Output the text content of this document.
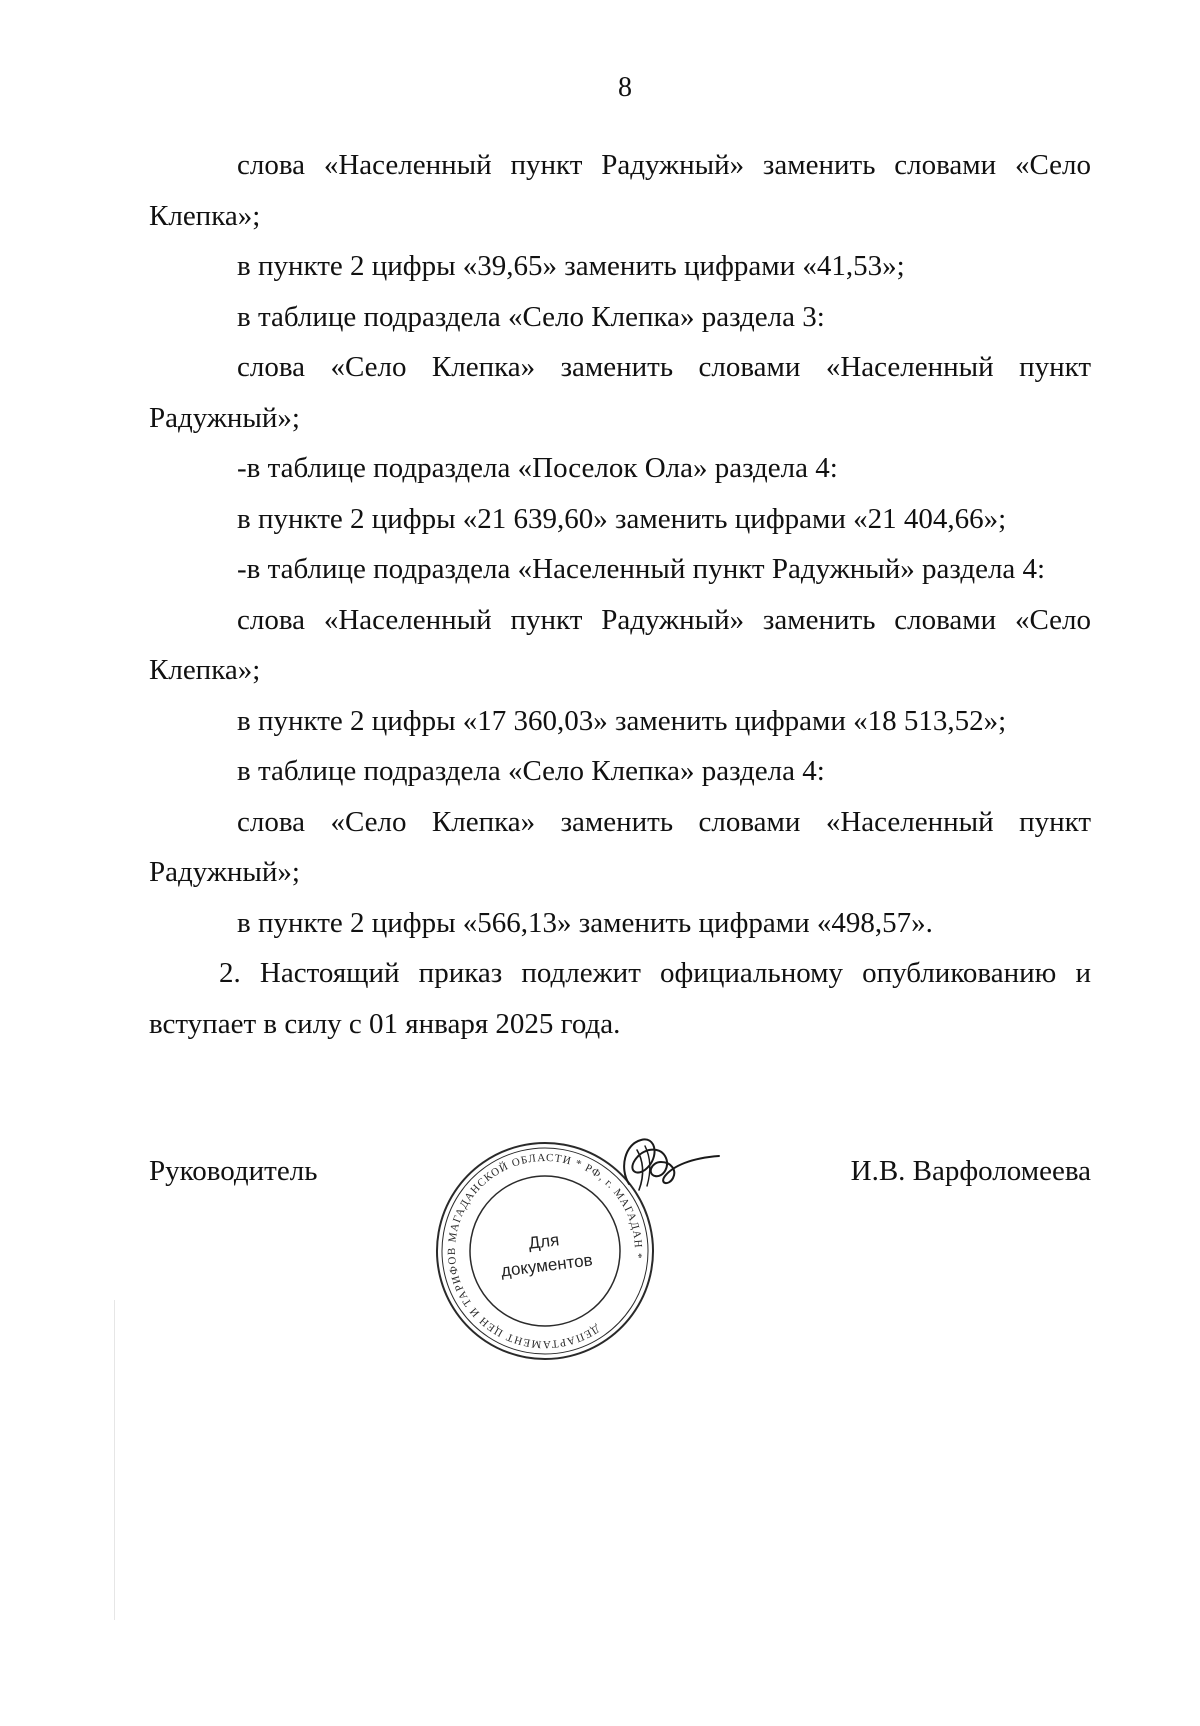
8

слова «Населенный пункт Радужный» заменить словами «Село Клепка»;

в пункте 2 цифры «39,65» заменить цифрами «41,53»;

в таблице подраздела «Село Клепка» раздела 3:

слова «Село Клепка» заменить словами «Населенный пункт Радужный»;

-в таблице подраздела «Поселок Ола» раздела 4:

в пункте 2 цифры «21 639,60» заменить цифрами «21 404,66»;

-в таблице подраздела «Населенный пункт Радужный» раздела 4:

слова «Населенный пункт Радужный» заменить словами «Село Клепка»;

в пункте 2 цифры «17 360,03» заменить цифрами «18 513,52»;

в таблице подраздела «Село Клепка» раздела 4:

слова «Село Клепка» заменить словами «Населенный пункт Радужный»;

в пункте 2 цифры «566,13» заменить цифрами «498,57».

2. Настоящий приказ подлежит официальному опубликованию и вступает в силу с 01 января 2025 года.

Руководитель	И.В. Варфоломеева
ДЕПАРТАМЕНТ ЦЕН И ТАРИФОВ МАГАДАНСКОЙ ОБЛАСТИ * РФ, г. МАГАДАН *
Для
документов
